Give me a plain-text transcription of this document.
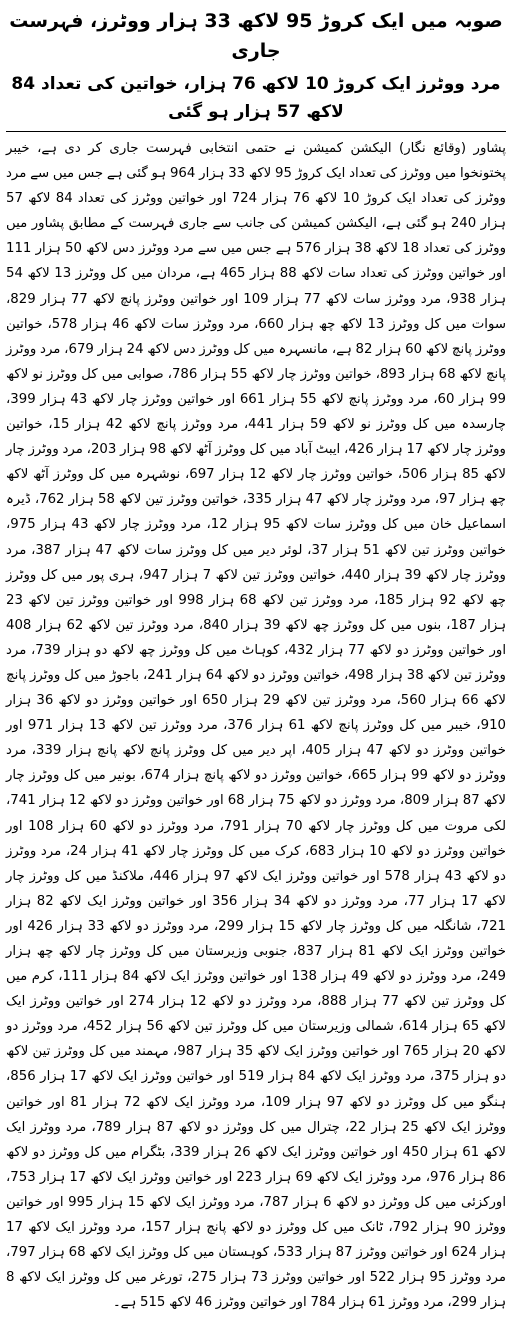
صوبہ میں ایک کروڑ 95 لاکھ 33 ہزار ووٹرز، فہرست جاری
مرد ووٹرز ایک کروڑ 10 لاکھ 76 ہزار، خواتین کی تعداد 84 لاکھ 57 ہزار ہو گئی

پشاور (وقائع نگار) الیکشن کمیشن نے حتمی انتخابی فہرست جاری کر دی ہے، خیبر پختونخوا میں ووٹرز کی تعداد ایک کروڑ 95 لاکھ 33 ہزار 964 ہو گئی ہے جس میں سے مرد ووٹرز کی تعداد ایک کروڑ 10 لاکھ 76 ہزار 724 اور خواتین ووٹرز کی تعداد 84 لاکھ 57 ہزار 240 ہو گئی ہے، الیکشن کمیشن کی جانب سے جاری فہرست کے مطابق پشاور میں ووٹرز کی تعداد 18 لاکھ 38 ہزار 576 ہے جس میں سے مرد ووٹرز دس لاکھ 50 ہزار 111 اور خواتین ووٹرز کی تعداد سات لاکھ 88 ہزار 465 ہے، مردان میں کل ووٹرز 13 لاکھ 54 ہزار 938، مرد ووٹرز سات لاکھ 77 ہزار 109 اور خواتین ووٹرز پانچ لاکھ 77 ہزار 829، سوات میں کل ووٹرز 13 لاکھ چھ ہزار 660، مرد ووٹرز سات لاکھ 46 ہزار 578، خواتین ووٹرز پانچ لاکھ 60 ہزار 82 ہے، مانسہرہ میں کل ووٹرز دس لاکھ 24 ہزار 679، مرد ووٹرز پانچ لاکھ 68 ہزار 893، خواتین ووٹرز چار لاکھ 55 ہزار 786، صوابی میں کل ووٹرز نو لاکھ 99 ہزار 60، مرد ووٹرز پانچ لاکھ 55 ہزار 661 اور خواتین ووٹرز چار لاکھ 43 ہزار 399، چارسدہ میں کل ووٹرز نو لاکھ 59 ہزار 441، مرد ووٹرز پانچ لاکھ 42 ہزار 15، خواتین ووٹرز چار لاکھ 17 ہزار 426، ایبٹ آباد میں کل ووٹرز آٹھ لاکھ 98 ہزار 203، مرد ووٹرز چار لاکھ 85 ہزار 506، خواتین ووٹرز چار لاکھ 12 ہزار 697، نوشہرہ میں کل ووٹرز آٹھ لاکھ چھ ہزار 97، مرد ووٹرز چار لاکھ 47 ہزار 335، خواتین ووٹرز تین لاکھ 58 ہزار 762، ڈیرہ اسماعیل خان میں کل ووٹرز سات لاکھ 95 ہزار 12، مرد ووٹرز چار لاکھ 43 ہزار 975، خواتین ووٹرز تین لاکھ 51 ہزار 37، لوئر دیر میں کل ووٹرز سات لاکھ 47 ہزار 387، مرد ووٹرز چار لاکھ 39 ہزار 440، خواتین ووٹرز تین لاکھ 7 ہزار 947، ہری پور میں کل ووٹرز چھ لاکھ 92 ہزار 185، مرد ووٹرز تین لاکھ 68 ہزار 998 اور خواتین ووٹرز تین لاکھ 23 ہزار 187، بنوں میں کل ووٹرز چھ لاکھ 39 ہزار 840، مرد ووٹرز تین لاکھ 62 ہزار 408 اور خواتین ووٹرز دو لاکھ 77 ہزار 432، کوہاٹ میں کل ووٹرز چھ لاکھ دو ہزار 739، مرد ووٹرز تین لاکھ 38 ہزار 498، خواتین ووٹرز دو لاکھ 64 ہزار 241، باجوڑ میں کل ووٹرز پانچ لاکھ 66 ہزار 560، مرد ووٹرز تین لاکھ 29 ہزار 650 اور خواتین ووٹرز دو لاکھ 36 ہزار 910، خیبر میں کل ووٹرز پانچ لاکھ 61 ہزار 376، مرد ووٹرز تین لاکھ 13 ہزار 971 اور خواتین ووٹرز دو لاکھ 47 ہزار 405، اپر دیر میں کل ووٹرز پانچ لاکھ پانچ ہزار 339، مرد ووٹرز دو لاکھ 99 ہزار 665، خواتین ووٹرز دو لاکھ پانچ ہزار 674، بونیر میں کل ووٹرز چار لاکھ 87 ہزار 809، مرد ووٹرز دو لاکھ 75 ہزار 68 اور خواتین ووٹرز دو لاکھ 12 ہزار 741، لکی مروت میں کل ووٹرز چار لاکھ 70 ہزار 791، مرد ووٹرز دو لاکھ 60 ہزار 108 اور خواتین ووٹرز دو لاکھ 10 ہزار 683، کرک میں کل ووٹرز چار لاکھ 41 ہزار 24، مرد ووٹرز دو لاکھ 43 ہزار 578 اور خواتین ووٹرز ایک لاکھ 97 ہزار 446، ملاکنڈ میں کل ووٹرز چار لاکھ 17 ہزار 77، مرد ووٹرز دو لاکھ 34 ہزار 356 اور خواتین ووٹرز ایک لاکھ 82 ہزار 721، شانگلہ میں کل ووٹرز چار لاکھ 15 ہزار 299، مرد ووٹرز دو لاکھ 33 ہزار 426 اور خواتین ووٹرز ایک لاکھ 81 ہزار 837، جنوبی وزیرستان میں کل ووٹرز چار لاکھ چھ ہزار 249، مرد ووٹرز دو لاکھ 49 ہزار 138 اور خواتین ووٹرز ایک لاکھ 84 ہزار 111، کرم میں کل ووٹرز تین لاکھ 77 ہزار 888، مرد ووٹرز دو لاکھ 12 ہزار 274 اور خواتین ووٹرز ایک لاکھ 65 ہزار 614، شمالی وزیرستان میں کل ووٹرز تین لاکھ 56 ہزار 452، مرد ووٹرز دو لاکھ 20 ہزار 765 اور خواتین ووٹرز ایک لاکھ 35 ہزار 987، مہمند میں کل ووٹرز تین لاکھ دو ہزار 375، مرد ووٹرز ایک لاکھ 84 ہزار 519 اور خواتین ووٹرز ایک لاکھ 17 ہزار 856، ہنگو میں کل ووٹرز دو لاکھ 97 ہزار 109، مرد ووٹرز ایک لاکھ 72 ہزار 81 اور خواتین ووٹرز ایک لاکھ 25 ہزار 22، چترال میں کل ووٹرز دو لاکھ 87 ہزار 789، مرد ووٹرز ایک لاکھ 61 ہزار 450 اور خواتین ووٹرز ایک لاکھ 26 ہزار 339، بٹگرام میں کل ووٹرز دو لاکھ 86 ہزار 976، مرد ووٹرز ایک لاکھ 69 ہزار 223 اور خواتین ووٹرز ایک لاکھ 17 ہزار 753، اورکزئی میں کل ووٹرز دو لاکھ 6 ہزار 787، مرد ووٹرز ایک لاکھ 15 ہزار 995 اور خواتین ووٹرز 90 ہزار 792، ٹانک میں کل ووٹرز دو لاکھ پانچ ہزار 157، مرد ووٹرز ایک لاکھ 17 ہزار 624 اور خواتین ووٹرز 87 ہزار 533، کوہستان میں کل ووٹرز ایک لاکھ 68 ہزار 797، مرد ووٹرز 95 ہزار 522 اور خواتین ووٹرز 73 ہزار 275، تورغر میں کل ووٹرز ایک لاکھ 8 ہزار 299، مرد ووٹرز 61 ہزار 784 اور خواتین ووٹرز 46 لاکھ 515 ہے۔
